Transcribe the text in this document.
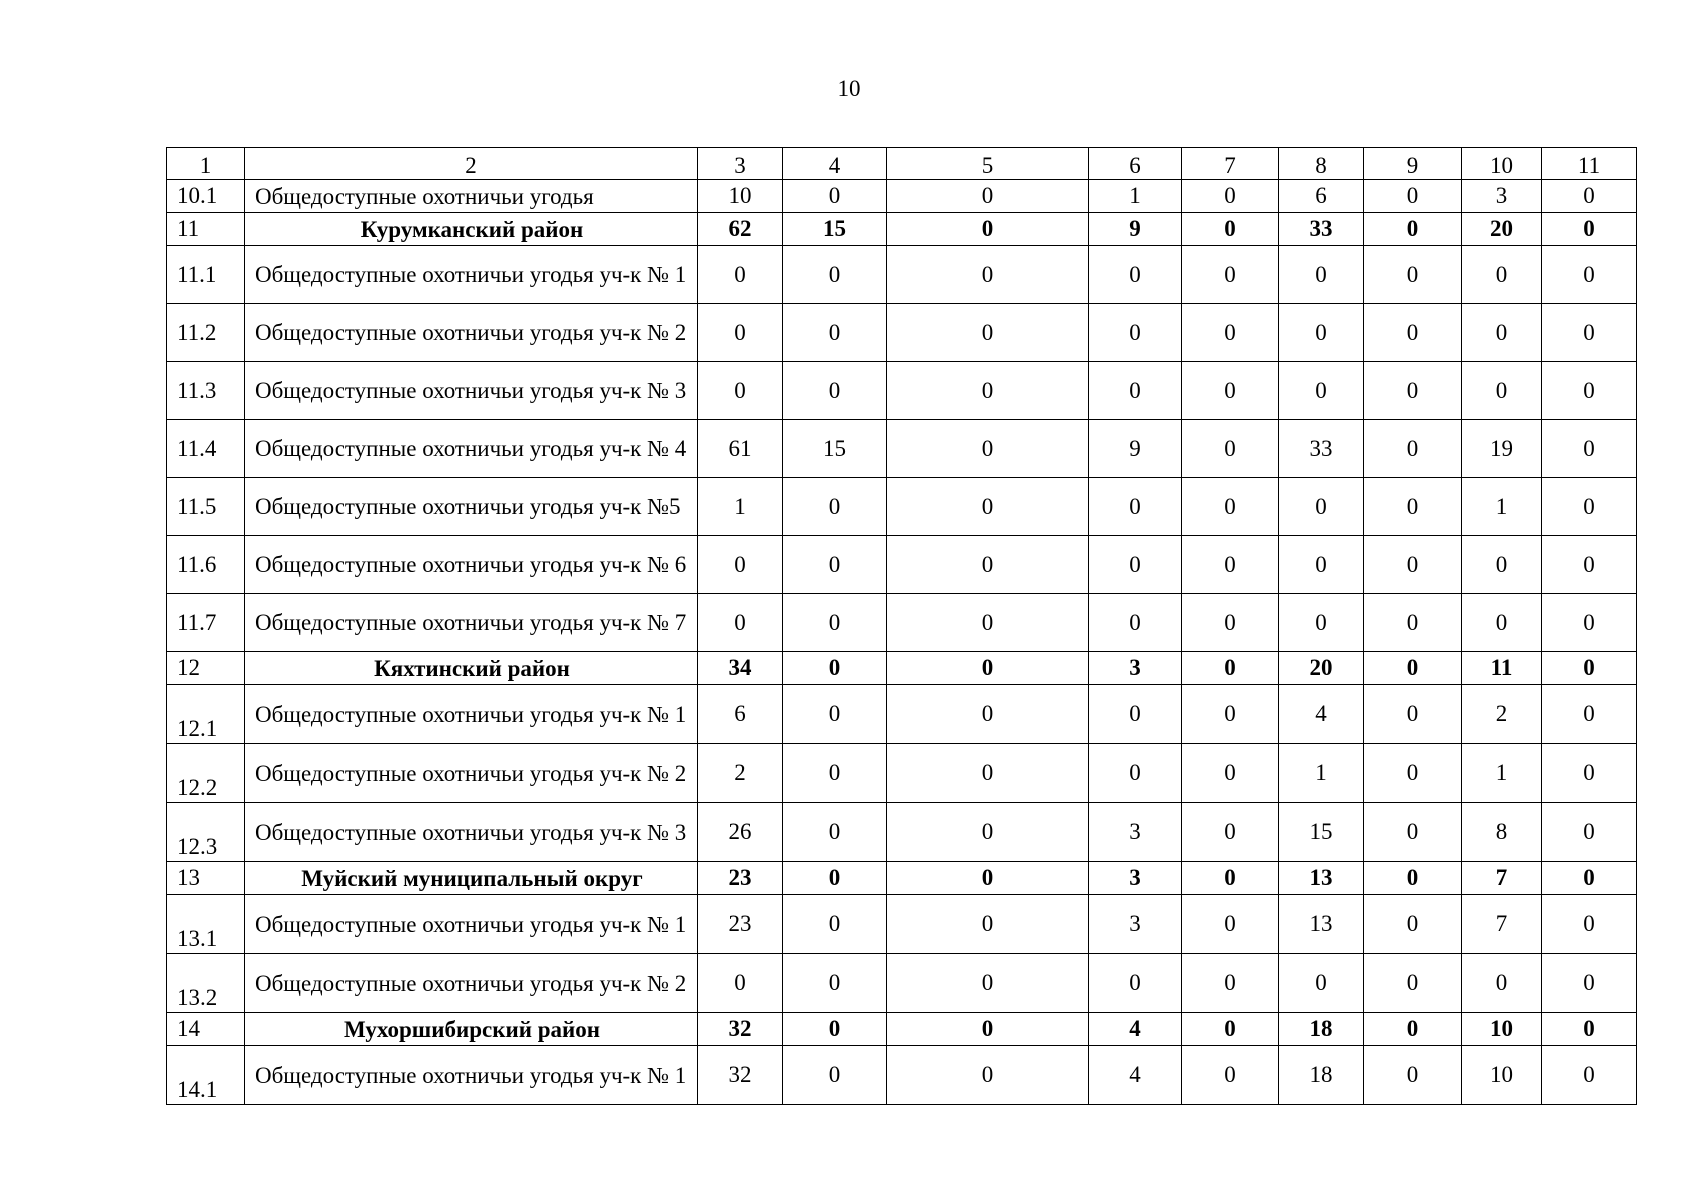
10
1	2	3	4	5	6	7	8	9	10	11
10.1	Общедоступные охотничьи угодья	10	0	0	1	0	6	0	3	0
11	Курумканский район	62	15	0	9	0	33	0	20	0
11.1	Общедоступные охотничьи угодья уч-к № 1	0	0	0	0	0	0	0	0	0
11.2	Общедоступные охотничьи угодья уч-к № 2	0	0	0	0	0	0	0	0	0
11.3	Общедоступные охотничьи угодья уч-к № 3	0	0	0	0	0	0	0	0	0
11.4	Общедоступные охотничьи угодья уч-к № 4	61	15	0	9	0	33	0	19	0
11.5	Общедоступные охотничьи угодья уч-к №5	1	0	0	0	0	0	0	1	0
11.6	Общедоступные охотничьи угодья уч-к № 6	0	0	0	0	0	0	0	0	0
11.7	Общедоступные охотничьи угодья уч-к № 7	0	0	0	0	0	0	0	0	0
12	Кяхтинский район	34	0	0	3	0	20	0	11	0
12.1	Общедоступные охотничьи угодья уч-к № 1	6	0	0	0	0	4	0	2	0
12.2	Общедоступные охотничьи угодья уч-к № 2	2	0	0	0	0	1	0	1	0
12.3	Общедоступные охотничьи угодья уч-к № 3	26	0	0	3	0	15	0	8	0
13	Муйский муниципальный округ	23	0	0	3	0	13	0	7	0
13.1	Общедоступные охотничьи угодья уч-к № 1	23	0	0	3	0	13	0	7	0
13.2	Общедоступные охотничьи угодья уч-к № 2	0	0	0	0	0	0	0	0	0
14	Мухоршибирский район	32	0	0	4	0	18	0	10	0
14.1	Общедоступные охотничьи угодья уч-к № 1	32	0	0	4	0	18	0	10	0
